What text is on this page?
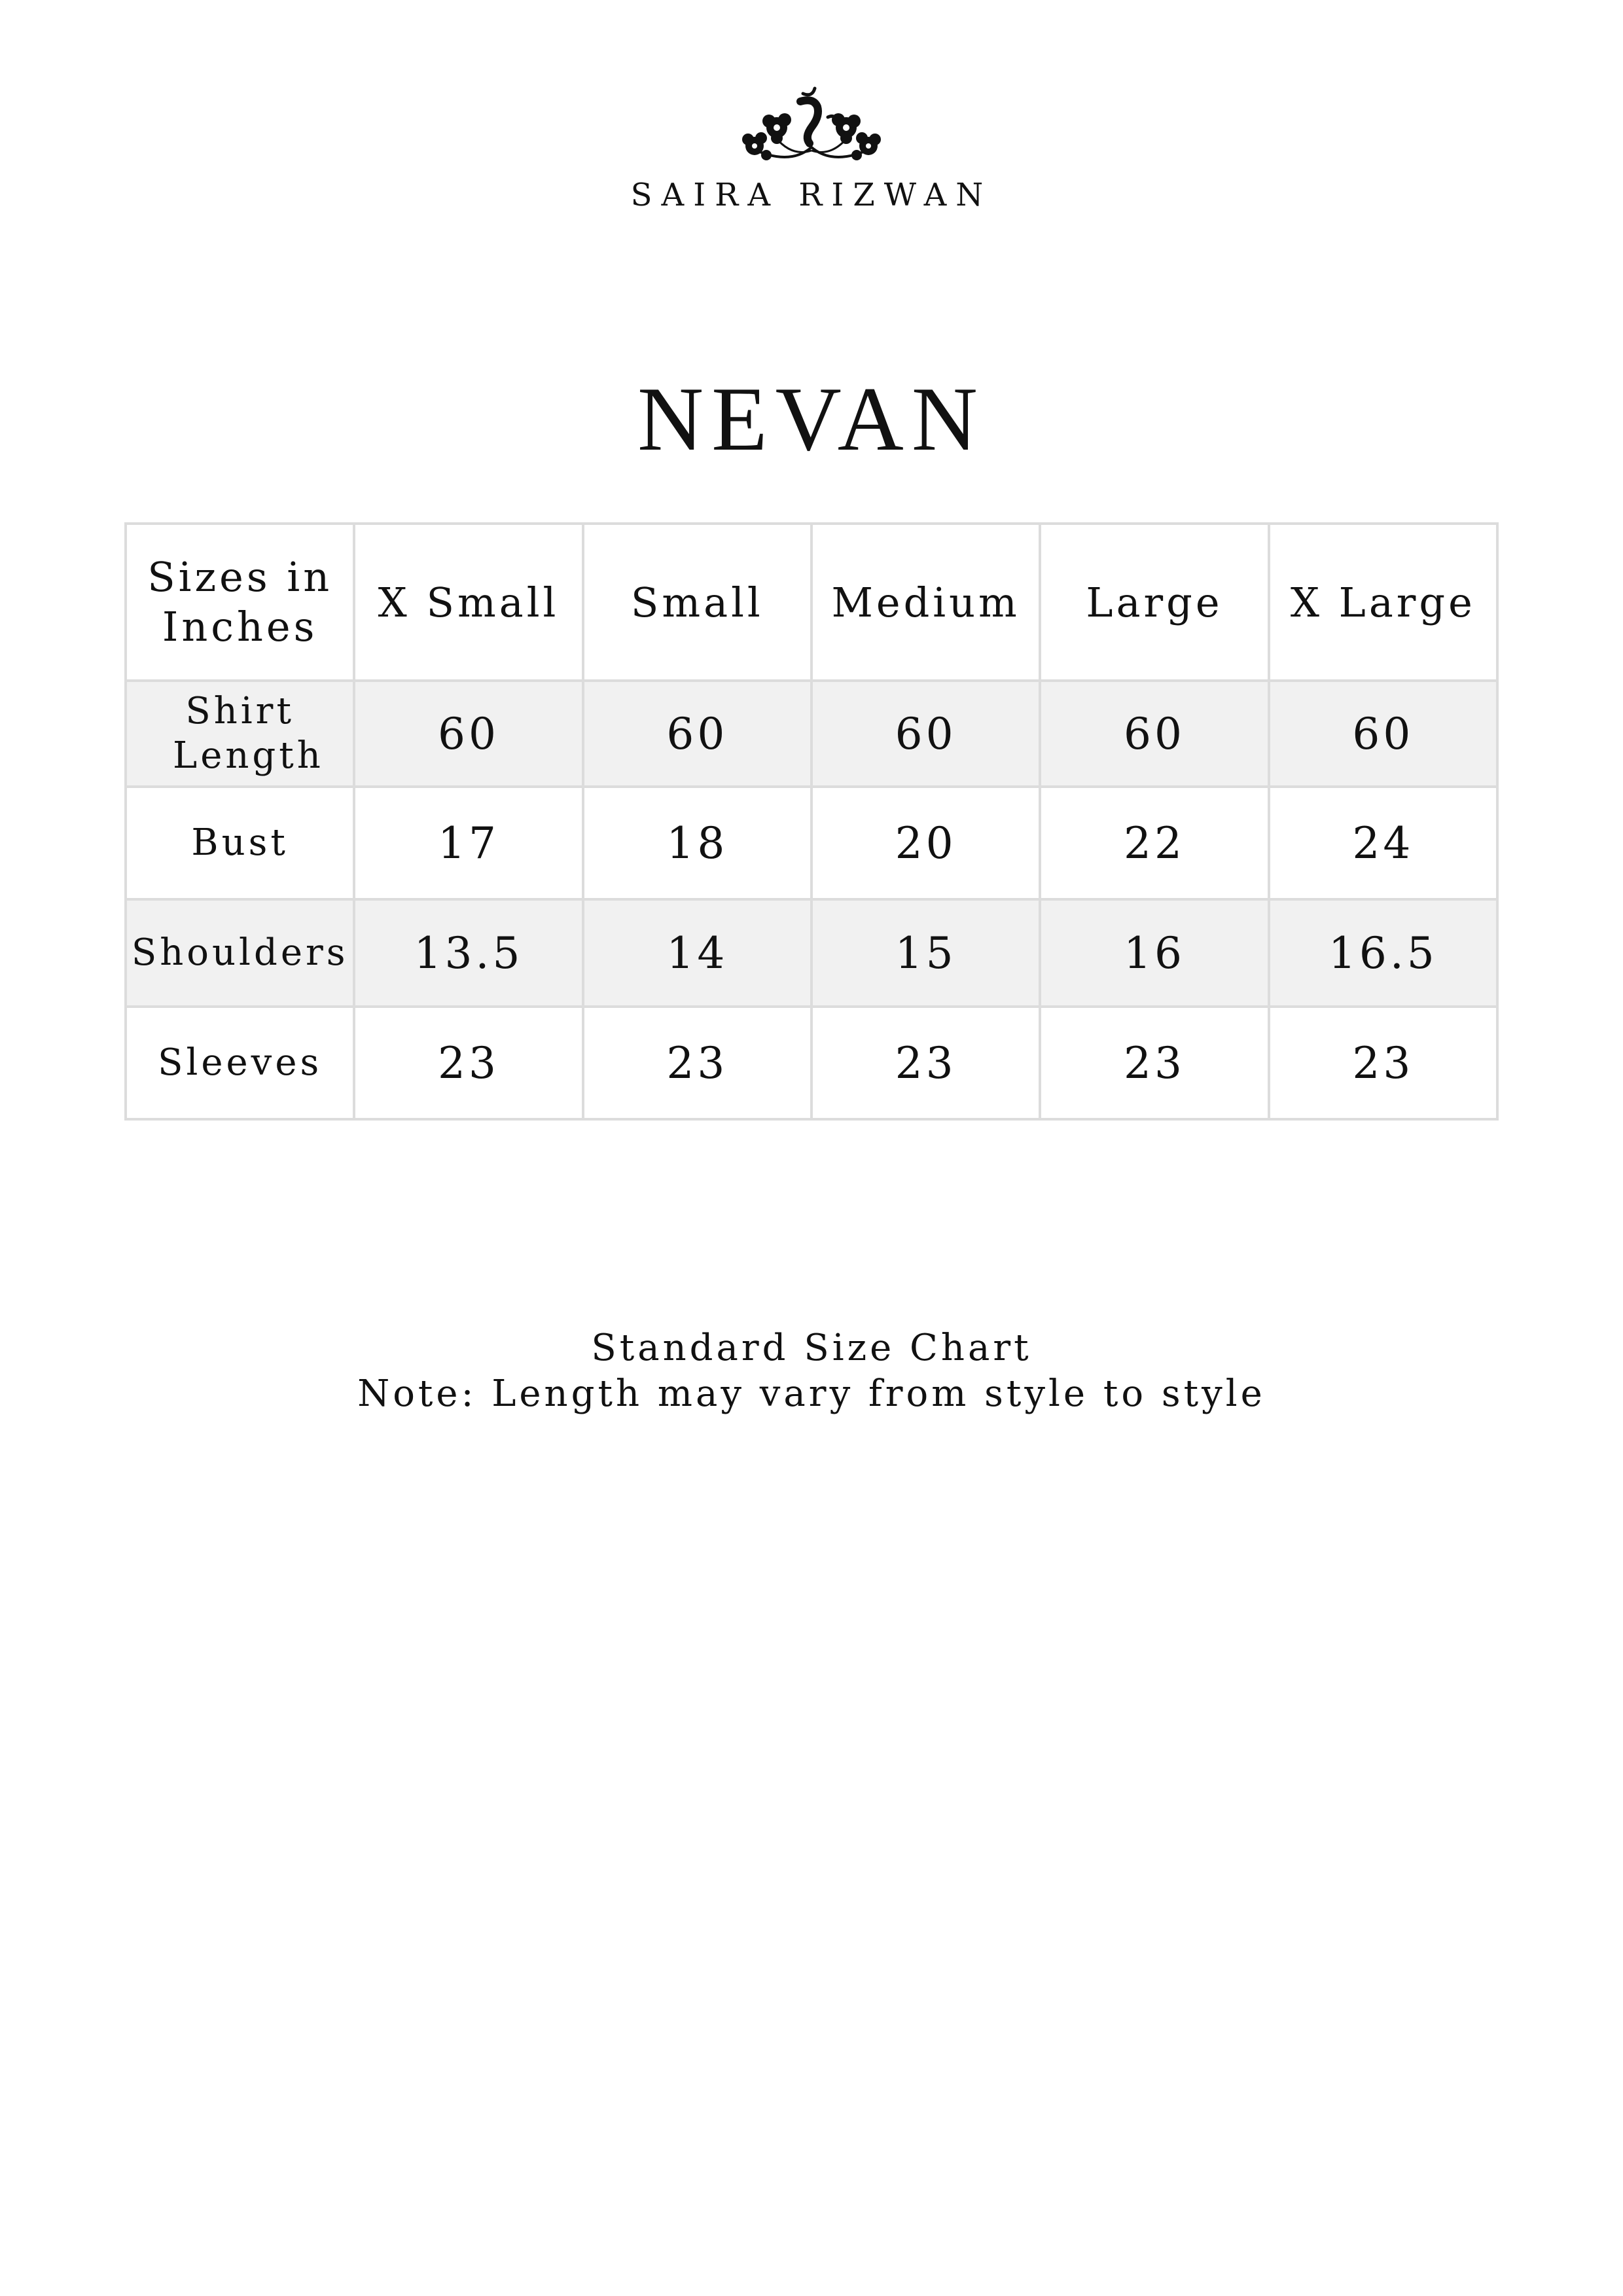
SAIRA RIZWAN
NEVAN
Sizes in Inches	X Small	Small	Medium	Large	X Large
Shirt Length	60	60	60	60	60
Bust	17	18	20	22	24
Shoulders	13.5	14	15	16	16.5
Sleeves	23	23	23	23	23
Standard Size Chart
Note: Length may vary from style to style
